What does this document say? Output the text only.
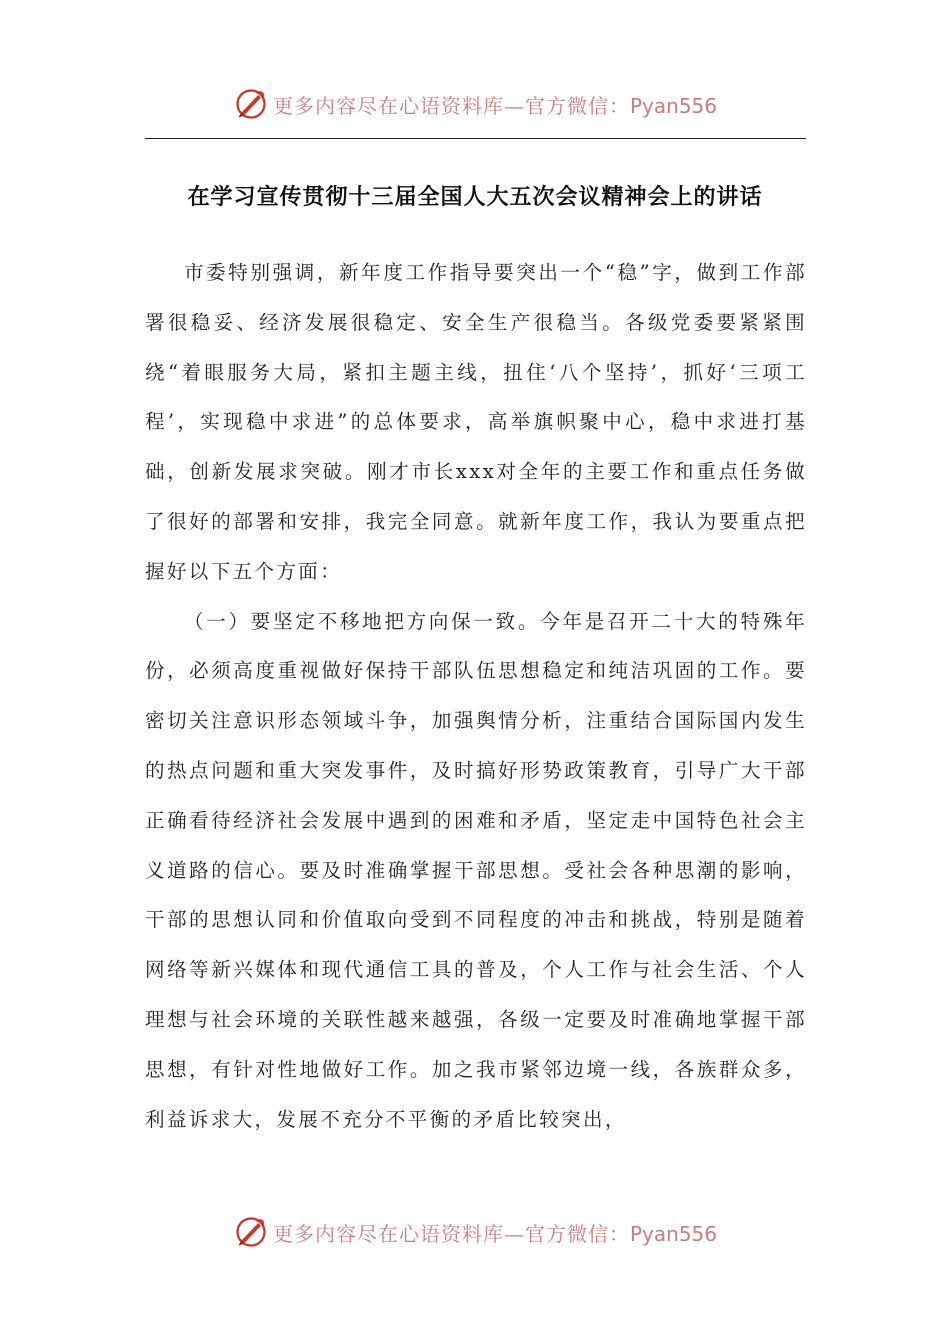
更多内容尽在心语资料库—官方微信：Pyan556
在学习宣传贯彻十三届全国人大五次会议精神会上的讲话

市委特别强调，新年度工作指导要突出一个“稳”字，做到工作部署很稳妥、经济发展很稳定、安全生产很稳当。各级党委要紧紧围绕“着眼服务大局，紧扣主题主线，扭住‘八个坚持’，抓好‘三项工程’，实现稳中求进”的总体要求，高举旗帜聚中心，稳中求进打基础，创新发展求突破。刚才市长xxx对全年的主要工作和重点任务做了很好的部署和安排，我完全同意。就新年度工作，我认为要重点把握好以下五个方面：

（一）要坚定不移地把方向保一致。今年是召开二十大的特殊年份，必须高度重视做好保持干部队伍思想稳定和纯洁巩固的工作。要密切关注意识形态领域斗争，加强舆情分析，注重结合国际国内发生的热点问题和重大突发事件，及时搞好形势政策教育，引导广大干部正确看待经济社会发展中遇到的困难和矛盾，坚定走中国特色社会主义道路的信心。要及时准确掌握干部思想。受社会各种思潮的影响，干部的思想认同和价值取向受到不同程度的冲击和挑战，特别是随着网络等新兴媒体和现代通信工具的普及，个人工作与社会生活、个人理想与社会环境的关联性越来越强，各级一定要及时准确地掌握干部思想，有针对性地做好工作。加之我市紧邻边境一线，各族群众多，利益诉求大，发展不充分不平衡的矛盾比较突出，

更多内容尽在心语资料库—官方微信：Pyan556
